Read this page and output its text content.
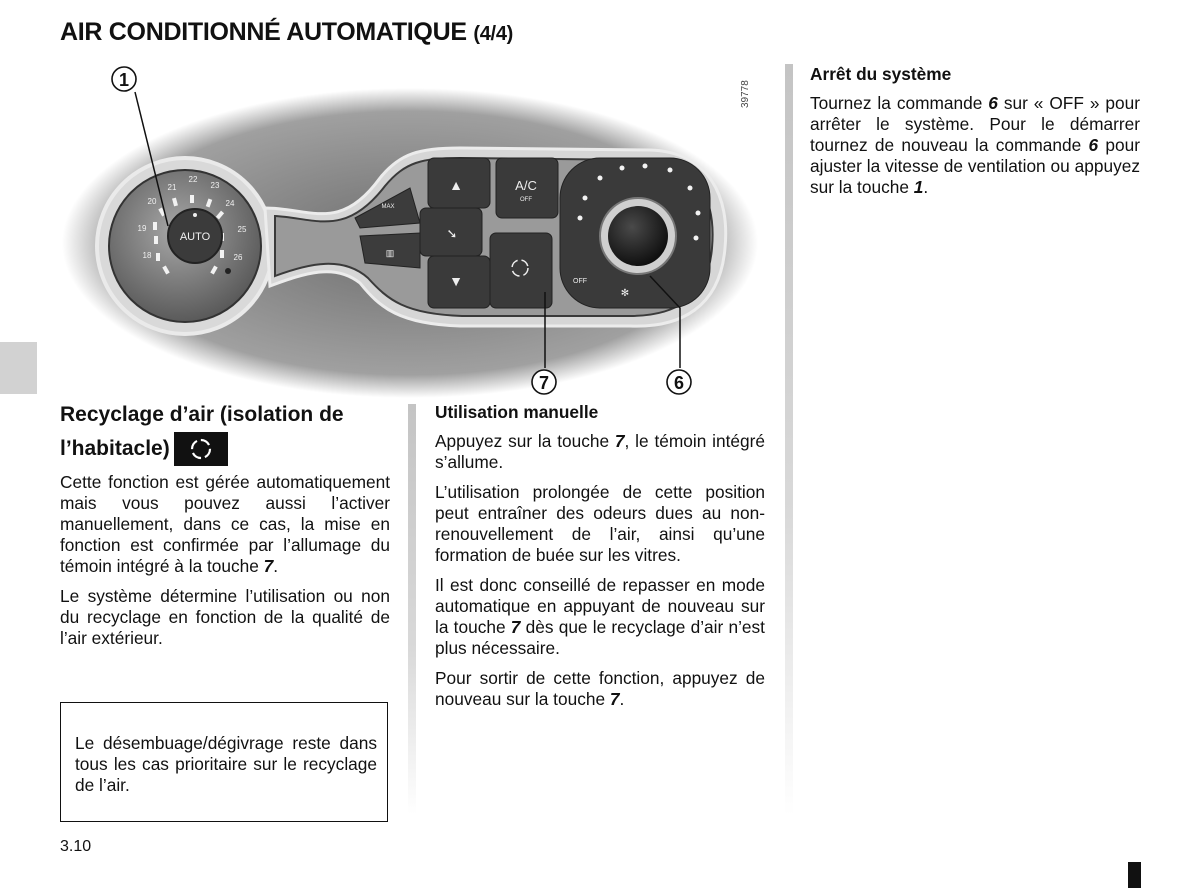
AIR CONDITIONNÉ AUTOMATIQUE (4/4)
21
22
23
20	24
19	25
18	26
AUTO
MAX
▥
▲
➘
▼
A/C
OFF
OFF
✻
1
7	6
39778
Recyclage d’air (isolation de l’habitacle)

Cette fonction est gérée automatiquement mais vous pouvez aussi l’activer manuellement, dans ce cas, la mise en fonction est confirmée par l’allumage du témoin intégré à la touche 7.

Le système détermine l’utilisation ou non du recyclage en fonction de la qualité de l’air extérieur.

Le désembuage/dégivrage reste dans tous les cas prioritaire sur le recyclage de l’air.

Utilisation manuelle

Appuyez sur la touche 7, le témoin intégré s’allume.

L’utilisation prolongée de cette position peut entraîner des odeurs dues au non-renouvellement de l’air, ainsi qu’une formation de buée sur les vitres.

Il est donc conseillé de repasser en mode automatique en appuyant de nouveau sur la touche 7 dès que le recyclage d’air n’est plus nécessaire.

Pour sortir de cette fonction, appuyez de nouveau sur la touche 7.

Arrêt du système

Tournez la commande 6 sur « OFF » pour arrêter le système. Pour le démarrer tournez de nouveau la commande 6 pour ajuster la vitesse de ventilation ou appuyez sur la touche 1.

3.10
